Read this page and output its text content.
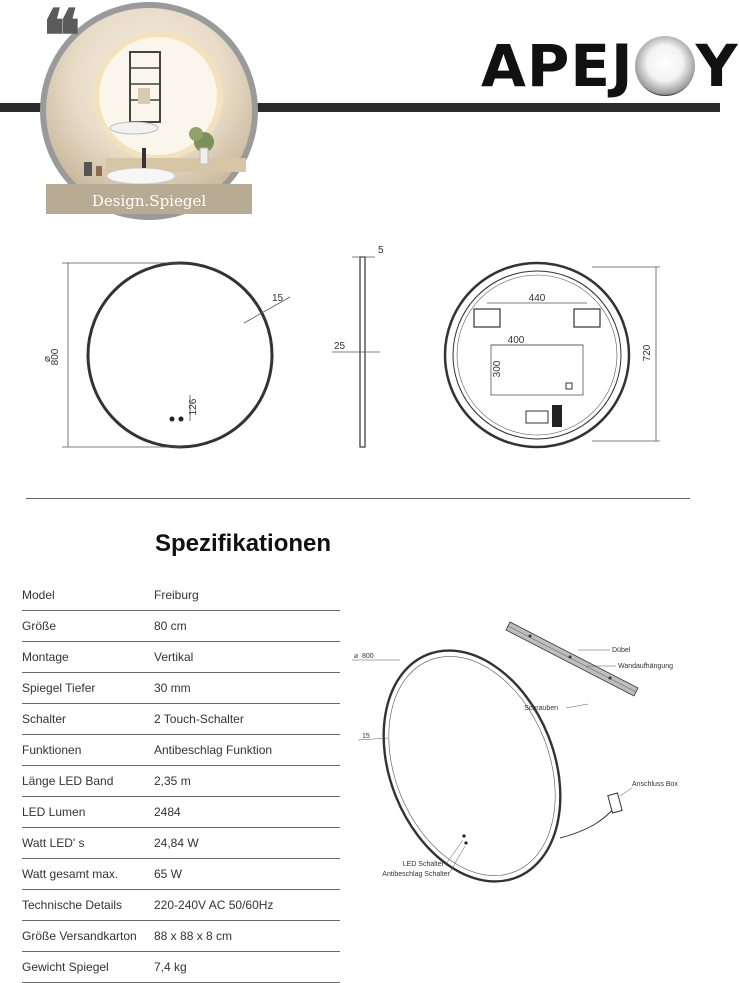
Design.Spiegel
❝	APEJ Y
800
⌀
15
126
5
25
440
400
300
720
Spezifikationen
Model	Freiburg
Größe	80 cm
Montage	Vertikal
Spiegel Tiefer	30 mm
Schalter	2 Touch-Schalter
Funktionen	Antibeschlag Funktion
Länge LED Band	2,35 m
LED Lumen	2484
Watt LED' s	24,84 W
Watt gesamt max.	65 W
Technische Details	220-240V AC 50/60Hz
Größe Versandkarton	88 x 88 x 8 cm
Gewicht Spiegel	7,4 kg
⌀ 800
15
Dübel
Wandaufhängung
Schrauben
Anschluss Box
LED Schalter
Antibeschlag Schalter
